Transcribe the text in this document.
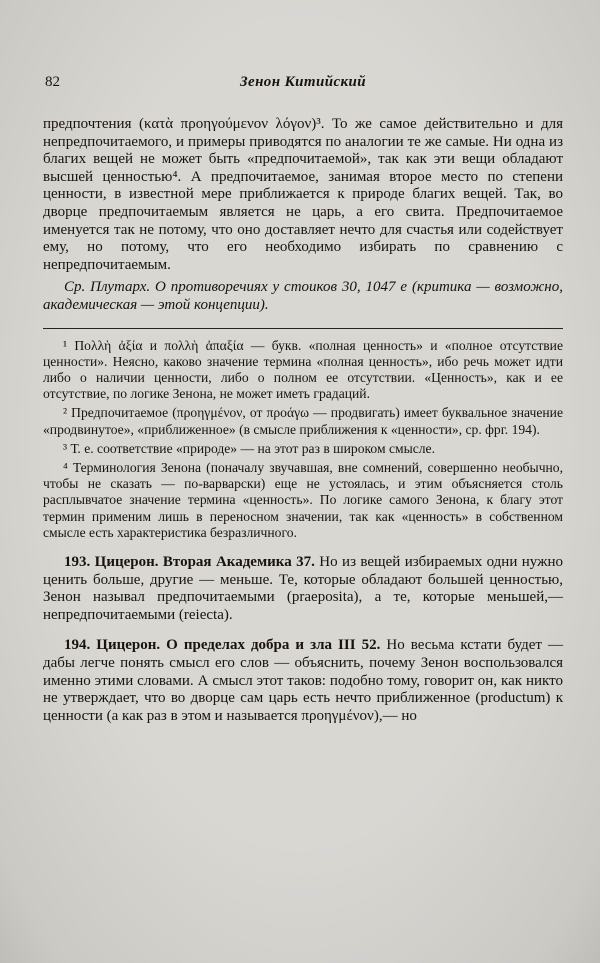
82	Зенон Китийский

предпочтения (κατὰ προηγούμενον λόγον)³. То же самое действительно и для непредпочитаемого, и примеры приводятся по аналогии те же самые. Ни одна из благих вещей не может быть «предпочитаемой», так как эти вещи обладают высшей ценностью⁴. А предпочитаемое, занимая второе место по степени ценности, в известной мере приближается к природе благих вещей. Так, во дворце предпочитаемым является не царь, а его свита. Предпочитаемое именуется так не потому, что оно доставляет нечто для счастья или содействует ему, но потому, что его необходимо избирать по сравнению с непредпочитаемым.

Ср. Плутарх. О противоречиях у стоиков 30, 1047 е (критика — возможно, академическая — этой концепции).

¹ Πολλὴ ἀξία и πολλὴ ἀπαξία — букв. «полная ценность» и «полное отсутствие ценности». Неясно, каково значение термина «полная ценность», ибо речь может идти либо о наличии ценности, либо о полном ее отсутствии. «Ценность», как и ее отсутствие, по логике Зенона, не может иметь градаций.

² Предпочитаемое (προηγμένον, от προάγω — продвигать) имеет буквальное значение «продвинутое», «приближенное» (в смысле приближения к «ценности», ср. фрг. 194).

³ Т. е. соответствие «природе» — на этот раз в широком смысле.

⁴ Терминология Зенона (поначалу звучавшая, вне сомнений, совершенно необычно, чтобы не сказать — по-варварски) еще не устоялась, и этим объясняется столь расплывчатое значение термина «ценность». По логике самого Зенона, к благу этот термин применим лишь в переносном значении, так как «ценность» в собственном смысле есть характеристика безразличного.

193. Цицерон. Вторая Академика 37. Но из вещей избираемых одни нужно ценить больше, другие — меньше. Те, которые обладают большей ценностью, Зенон называл предпочитаемыми (praeposita), а те, которые меньшей,— непредпочитаемыми (reiecta).

194. Цицерон. О пределах добра и зла III 52. Но весьма кстати будет — дабы легче понять смысл его слов — объяснить, почему Зенон воспользовался именно этими словами. А смысл этот таков: подобно тому, говорит он, как никто не утверждает, что во дворце сам царь есть нечто приближенное (productum) к ценности (а как раз в этом и называется προηγμένον),— но
